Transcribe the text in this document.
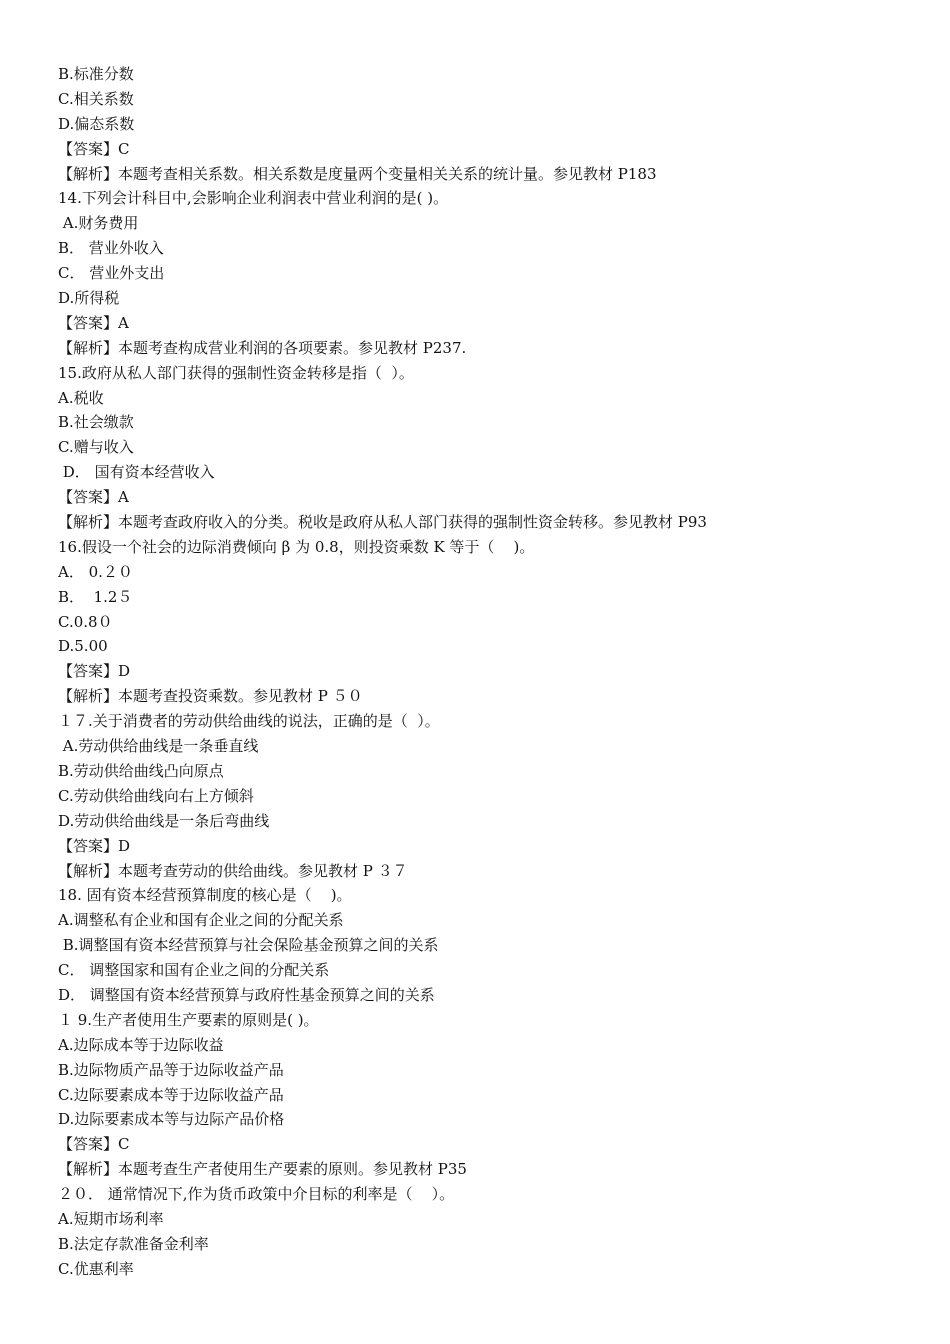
B.标准分数
C.相关系数
D.偏态系数
【答案】C
【解析】本题考查相关系数。相关系数是度量两个变量相关关系的统计量。参见教材 P183
14.下列会计科目中,会影响企业利润表中营业利润的是( )。
A.财务费用
B． 营业外收入
C． 营业外支出
D.所得税
【答案】A
【解析】本题考查构成营业利润的各项要素。参见教材 P237.
15.政府从私人部门获得的强制性资金转移是指（  ）。
A.税收
B.社会缴款
C.赠与收入
D． 国有资本经营收入
【答案】A
【解析】本题考查政府收入的分类。税收是政府从私人部门获得的强制性资金转移。参见教材 P93
16.假设一个社会的边际消费倾向 β 为 0.8，则投资乘数 K 等于（    )。
A． 0.２０
B．  1.2５
C.0.8０
D.5.00
【答案】D
【解析】本题考查投资乘数。参见教材 P ５０
１７.关于消费者的劳动供给曲线的说法，正确的是（  ）。
A.劳动供给曲线是一条垂直线
B.劳动供给曲线凸向原点
C.劳动供给曲线向右上方倾斜
D.劳动供给曲线是一条后弯曲线
【答案】D
【解析】本题考查劳动的供给曲线。参见教材 P ３７
18. 固有资本经营预算制度的核心是（    )。
A.调整私有企业和国有企业之间的分配关系
B.调整国有资本经营预算与社会保险基金预算之间的关系
C． 调整国家和国有企业之间的分配关系
D． 调整国有资本经营预算与政府性基金预算之间的关系
１ 9.生产者使用生产要素的原则是( )。
A.边际成本等于边际收益
B.边际物质产品等于边际收益产品
C.边际要素成本等于边际收益产品
D.边际要素成本等与边际产品价格
【答案】C
【解析】本题考查生产者使用生产要素的原则。参见教材 P35
２０． 通常情况下,作为货币政策中介目标的利率是（    ）。
A.短期市场利率
B.法定存款准备金利率
C.优惠利率
